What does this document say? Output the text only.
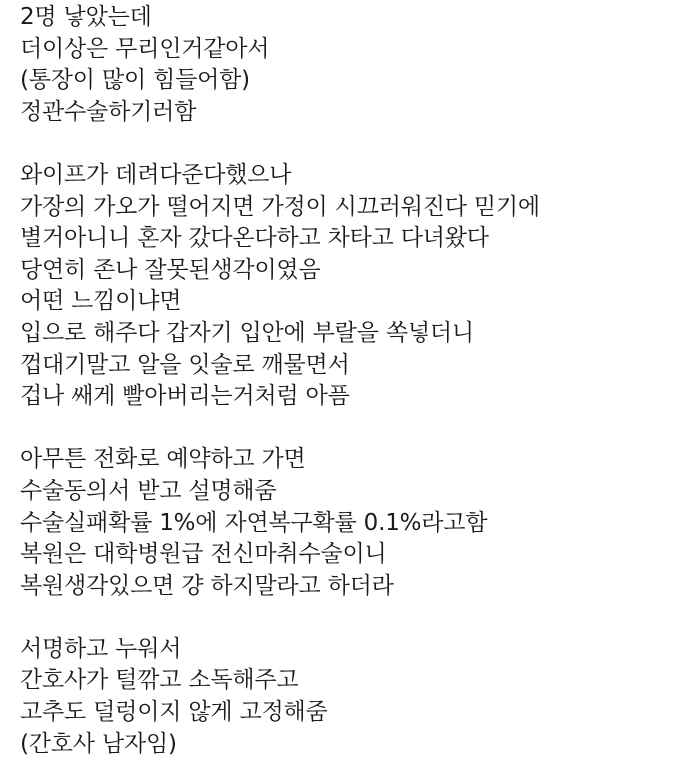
2명 낳았는데
더이상은 무리인거같아서
(통장이 많이 힘들어함)
정관수술하기러함
와이프가 데려다준다했으나
가장의 가오가 떨어지면 가정이 시끄러워진다 믿기에
별거아니니 혼자 갔다온다하고 차타고 다녀왔다
당연히 존나 잘못된생각이였음
어떤 느낌이냐면
입으로 해주다 갑자기 입안에 부랄을 쏙넣더니
껍대기말고 알을 잇술로 깨물면서
겁나 쌔게 빨아버리는거처럼 아픔
아무튼 전화로 예약하고 가면
수술동의서 받고 설명해줌
수술실패확률 1%에 자연복구확률 0.1%라고함
복원은 대학병원급 전신마취수술이니
복원생각있으면 걍 하지말라고 하더라
서명하고 누워서
간호사가 털깎고 소독해주고
고추도 덜렁이지 않게 고정해줌
(간호사 남자임)
